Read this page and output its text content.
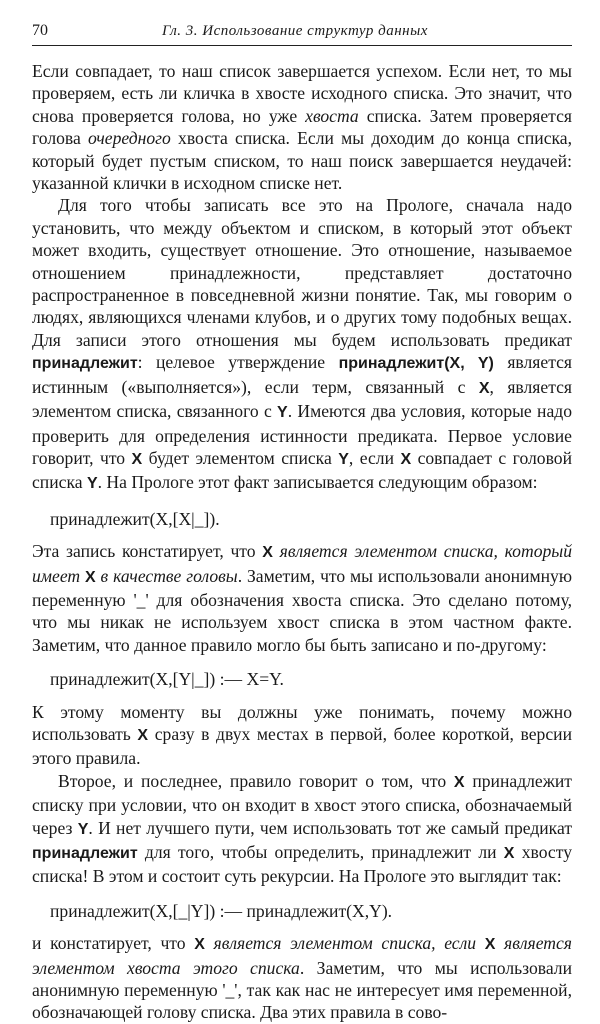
70	Гл. 3. Использование структур данных

Если совпадает, то наш список завершается успехом. Если нет, то мы проверяем, есть ли кличка в хвосте исходного списка. Это значит, что снова проверяется голова, но уже хвоста списка. Затем проверяется голова очередного хвоста списка. Если мы доходим до конца списка, который будет пустым списком, то наш поиск завершается неудачей: указанной клички в исходном списке нет.

Для того чтобы записать все это на Прологе, сначала надо установить, что между объектом и списком, в который этот объект может входить, существует отношение. Это отношение, называемое отношением принадлежности, представляет достаточно распространенное в повседневной жизни понятие. Так, мы говорим о людях, являющихся членами клубов, и о других тому подобных вещах. Для записи этого отношения мы будем использовать предикат принадлежит: целевое утверждение принадлежит(X, Y) является истинным («выполняется»), если терм, связанный с X, является элементом списка, связанного с Y. Имеются два условия, которые надо проверить для определения истинности предиката. Первое условие говорит, что X будет элементом списка Y, если X совпадает с головой списка Y. На Прологе этот факт записывается следующим образом:

принадлежит(X,[X|_]).

Эта запись констатирует, что X является элементом списка, который имеет X в качестве головы. Заметим, что мы использовали анонимную переменную '_' для обозначения хвоста списка. Это сделано потому, что мы никак не используем хвост списка в этом частном факте. Заметим, что данное правило могло бы быть записано и по-другому:

принадлежит(X,[Y|_]) :— X=Y.

К этому моменту вы должны уже понимать, почему можно использовать X сразу в двух местах в первой, более короткой, версии этого правила.

Второе, и последнее, правило говорит о том, что X принадлежит списку при условии, что он входит в хвост этого списка, обозначаемый через Y. И нет лучшего пути, чем использовать тот же самый предикат принадлежит для того, чтобы определить, принадлежит ли X хвосту списка! В этом и состоит суть рекурсии. На Прологе это выглядит так:

принадлежит(X,[_|Y]) :— принадлежит(X,Y).

и констатирует, что X является элементом списка, если X является элементом хвоста этого списка. Заметим, что мы использовали анонимную переменную '_', так как нас не интересует имя переменной, обозначающей голову списка. Два этих правила в сово-
